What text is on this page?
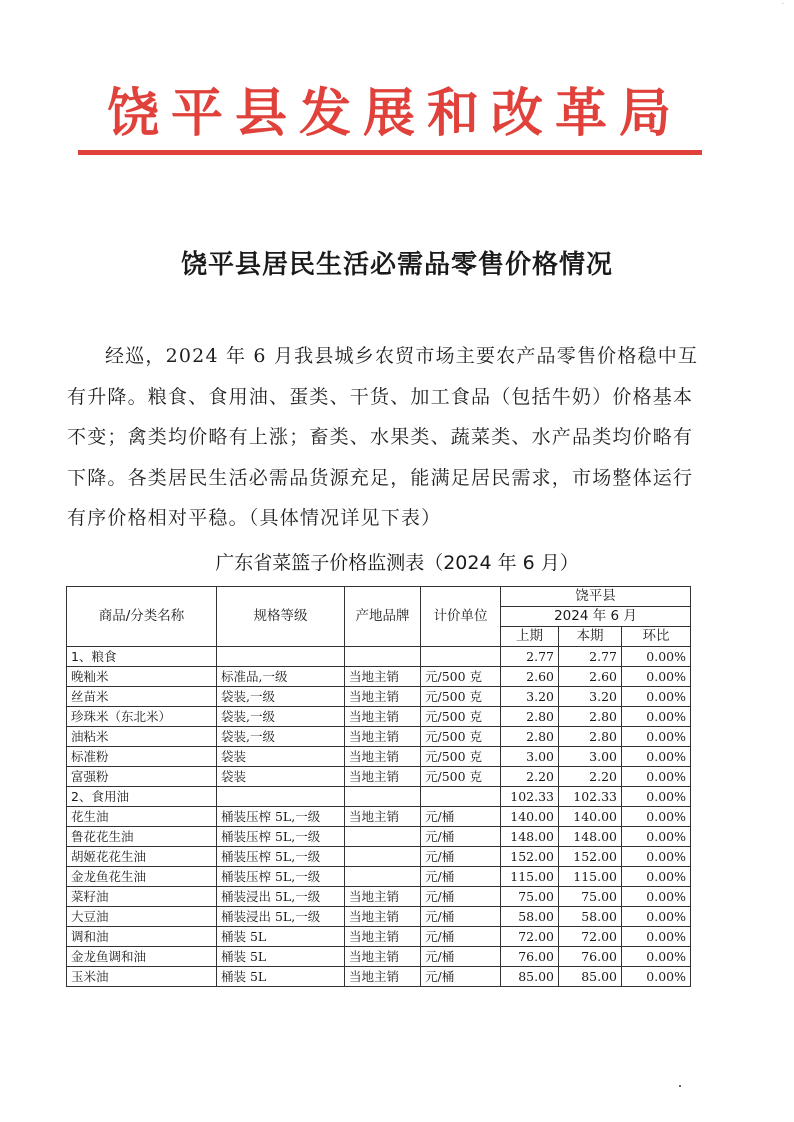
·
饶平县发展和改革局
饶平县居民生活必需品零售价格情况
经巡，2024 年 6 月我县城乡农贸市场主要农产品零售价格稳中互有升降。粮食、食用油、蛋类、干货、加工食品（包括牛奶）价格基本不变；禽类均价略有上涨；畜类、水果类、蔬菜类、水产品类均价略有下降。各类居民生活必需品货源充足，能满足居民需求，市场整体运行有序价格相对平稳。（具体情况详见下表）
广东省菜篮子价格监测表（2024 年 6 月）
商品/分类名称	规格等级	产地品牌	计价单位	饶平县		
				2024 年 6 月		
				上期	本期	环比
1、粮食				2.77	2.77	0.00%
晚籼米	标准品,一级	当地主销	元/500 克	2.60	2.60	0.00%
丝苗米	袋装,一级	当地主销	元/500 克	3.20	3.20	0.00%
珍珠米（东北米）	袋装,一级	当地主销	元/500 克	2.80	2.80	0.00%
油粘米	袋装,一级	当地主销	元/500 克	2.80	2.80	0.00%
标准粉	袋装	当地主销	元/500 克	3.00	3.00	0.00%
富强粉	袋装	当地主销	元/500 克	2.20	2.20	0.00%
2、食用油				102.33	102.33	0.00%
花生油	桶装压榨 5L,一级	当地主销	元/桶	140.00	140.00	0.00%
鲁花花生油	桶装压榨 5L,一级		元/桶	148.00	148.00	0.00%
胡姬花花生油	桶装压榨 5L,一级		元/桶	152.00	152.00	0.00%
金龙鱼花生油	桶装压榨 5L,一级		元/桶	115.00	115.00	0.00%
菜籽油	桶装浸出 5L,一级	当地主销	元/桶	75.00	75.00	0.00%
大豆油	桶装浸出 5L,一级	当地主销	元/桶	58.00	58.00	0.00%
调和油	桶装 5L	当地主销	元/桶	72.00	72.00	0.00%
金龙鱼调和油	桶装 5L	当地主销	元/桶	76.00	76.00	0.00%
玉米油	桶装 5L	当地主销	元/桶	85.00	85.00	0.00%
